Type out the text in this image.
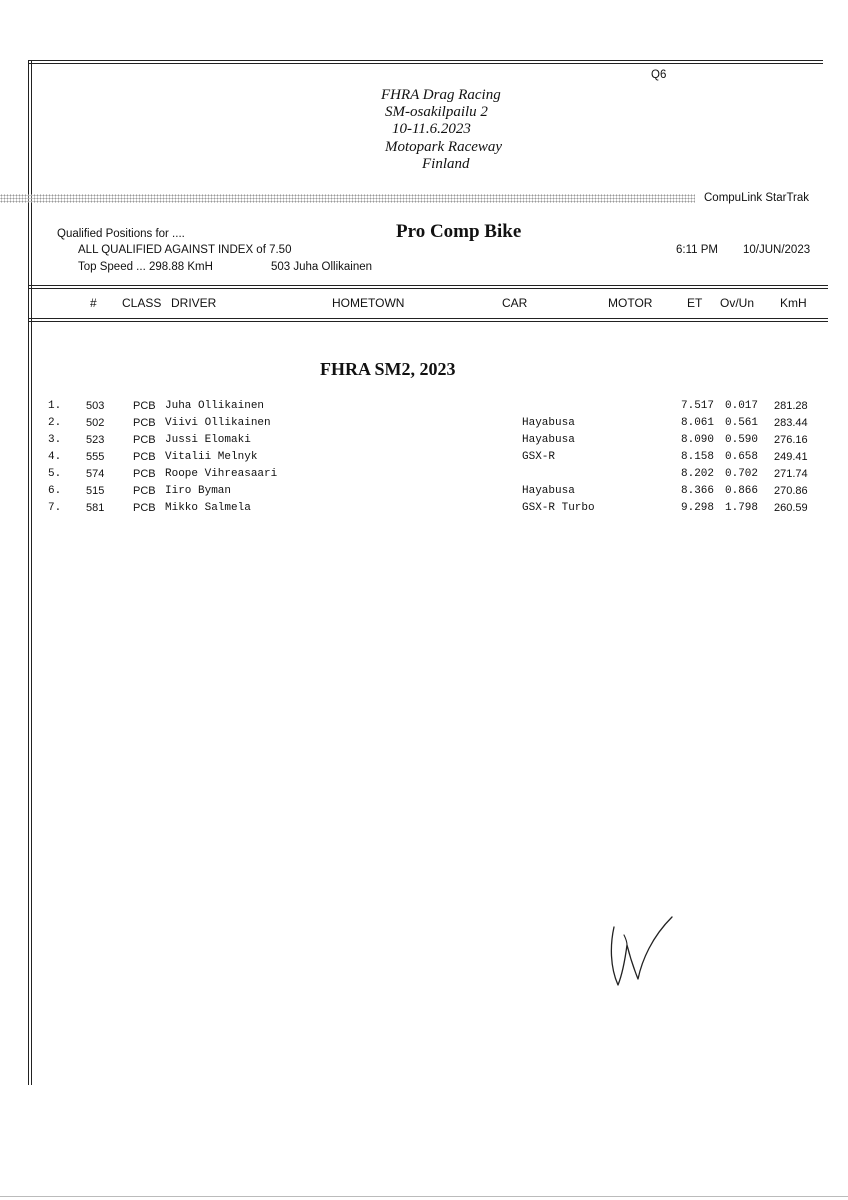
Q6
FHRA Drag Racing
SM-osakilpailu 2
10-11.6.2023
Motopark Raceway
Finland
CompuLink StarTrak
Qualified Positions for ....
ALL QUALIFIED AGAINST INDEX of 7.50
Top Speed ... 298.88 KmH	503 Juha Ollikainen
Pro Comp Bike
6:11 PM 10/JUN/2023
# CLASS DRIVER	HOMETOWN	CAR	MOTOR	ET Ov/Un KmH
FHRA SM2, 2023
1. 503	PCB Juha Ollikainen	7.517 0.017 281.28
2. 502	PCB Viivi Ollikainen	Hayabusa	8.061 0.561 283.44
3. 523	PCB Jussi Elomaki	Hayabusa	8.090 0.590 276.16
4. 555	PCB Vitalii Melnyk	GSX-R	8.158 0.658 249.41
5. 574	PCB Roope Vihreasaari	8.202 0.702 271.74
6. 515	PCB Iiro Byman	Hayabusa	8.366 0.866 270.86
7. 581	PCB Mikko Salmela	GSX-R Turbo	9.298 1.798 260.59
